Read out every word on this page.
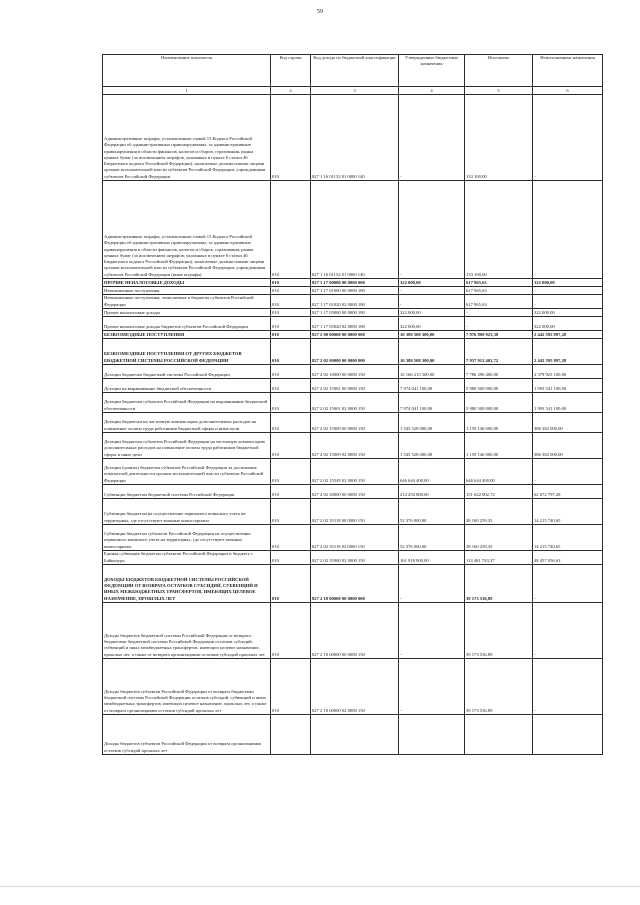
59
Наименование показателя	Код строки	Код дохода по бюджетной классификации	Утвержденные бюджетные назначения	Исполнено	Неисполненные назначения
1	2	3	4	5	6
Административные штрафы, установленные главой 15 Кодекса Российской Федерации об административных правонарушениях, за административные правонарушения в области финансов, налогов и сборов, страхования, рынка ценных бумаг (за исключением штрафов, указанных в пункте 6 статьи 46 Бюджетного кодекса Российской Федерации), налагаемые должностными лицами органов исполнительной власти субъектов Российской Федерации, учреждениями субъектов Российской Федерации	010	827 1 16 01152 01 0000 140	-	133 100,00	-
Административные штрафы, установленные главой 15 Кодекса Российской Федерации об административных правонарушениях, за административные правонарушения в области финансов, налогов и сборов, страхования, рынка ценных бумаг (за исключением штрафов, указанных в пункте 6 статьи 46 Бюджетного кодекса Российской Федерации), налагаемые должностными лицами органов исполнительной власти субъектов Российской Федерации, учреждениями субъектов Российской Федерации (иные штрафы)	010	827 1 16 01152 01 9000 140	-	133 100,00	-
ПРОЧИЕ НЕНАЛОГОВЫЕ ДОХОДЫ	010	827 1 17 00000 00 0000 000	322 000,00	617 965,63	322 000,00
Невыясненные поступления	010	827 1 17 01000 00 0000 180	-	617 965,63	-
Невыясненные поступления, зачисляемые в бюджеты субъектов Российской Федерации	010	827 1 17 01020 02 0000 180	-	617 965,63	-
Прочие неналоговые доходы	010	827 1 17 05000 00 0000 180	322 000,00	-	322 000,00
Прочие неналоговые доходы бюджетов субъектов Российской Федерации	010	827 1 17 05020 02 0000 180	322 000,00	-	322 000,00
БЕЗВОЗМЕЗДНЫЕ ПОСТУПЛЕНИЯ	010	827 2 00 00000 00 0000 000	10 380 508 300,00	7 976 809 923,38	2 442 595 897,28
БЕЗВОЗМЕЗДНЫЕ ПОСТУПЛЕНИЯ ОТ ДРУГИХ БЮДЖЕТОВ БЮДЖЕТНОЙ СИСТЕМЫ РОССИЙСКОЙ ФЕДЕРАЦИИ	010	827 2 02 00000 00 0000 000	10 380 508 300,00	7 937 912 402,72	2 442 595 897,28
Дотации бюджетам бюджетной системы Российской Федерации	010	827 2 02 10000 00 0000 150	10 166 213 500,00	7 786 290 400,00	2 379 923 100,00
Дотации на выравнивание бюджетной обеспеченности	010	827 2 02 15001 00 0000 150	7 974 041 100,00	5 980 500 000,00	1 993 541 100,00
Дотации бюджетам субъектов Российской Федерации на выравнивание бюджетной обеспеченности	010	827 2 02 15001 02 0000 150	7 974 041 100,00	5 980 500 000,00	1 993 541 100,00
Дотации бюджетам на частичную компенсацию дополнительных расходов на повышение оплаты труда работников бюджетной сферы и иные цели	010	827 2 02 15009 00 0000 150	1 545 528 000,00	1 159 146 000,00	386 382 000,00
Дотации бюджетам субъектов Российской Федерации на частичную компенсацию дополнительных расходов на повышение оплаты труда работников бюджетной сферы и иные цели	010	827 2 02 15009 02 0000 150	1 545 528 000,00	1 159 146 000,00	386 382 000,00
Дотации (гранты) бюджетам субъектов Российской Федерации за достижение показателей деятельности органов исполнительной власти субъектов Российской Федерации	010	827 2 02 15549 02 0000 150	646 644 400,00	646 644 400,00	-
Субвенции бюджетам бюджетной системы Российской Федерации	010	827 2 02 30000 00 0000 150	214 294 800,00	151 622 002,72	62 672 797,28
Субвенции бюджетам на осуществление первичного воинского учета на территориях, где отсутствуют военные комиссариаты	010	827 2 02 35118 00 0000 150	52 376 000,00	38 160 259,35	14 215 740,65
Субвенции бюджетам субъектов Российской Федерации на осуществление первичного воинского учета на территориях, где отсутствуют военные комиссариаты	010	827 2 02 35118 02 0000 150	52 376 000,00	38 160 259,35	14 215 740,65
Единая субвенция бюджетам субъектов Российской Федерации и бюджету г. Байконура	010	827 2 02 35900 02 0000 150	161 918 800,00	113 461 743,37	48 457 056,63
ДОХОДЫ БЮДЖЕТОВ БЮДЖЕТНОЙ СИСТЕМЫ РОССИЙСКОЙ ФЕДЕРАЦИИ ОТ ВОЗВРАТА ОСТАТКОВ СУБСИДИЙ, СУБВЕНЦИЙ И ИНЫХ МЕЖБЮДЖЕТНЫХ ТРАНСФЕРТОВ, ИМЕЮЩИХ ЦЕЛЕВОЕ НАЗНАЧЕНИЕ, ПРОШЛЫХ ЛЕТ	010	827 2 18 00000 00 0000 000	-	39 173 536,89	-
Доходы бюджетов бюджетной системы Российской Федерации от возврата бюджетами бюджетной системы Российской Федерации остатков субсидий, субвенций и иных межбюджетных трансфертов, имеющих целевое назначение, прошлых лет, а также от возврата организациями остатков субсидий прошлых лет	010	827 2 18 00000 00 0000 150	-	39 173 536,89	-
Доходы бюджетов субъектов Российской Федерации от возврата бюджетами бюджетной системы Российской Федерации остатков субсидий, субвенций и иных межбюджетных трансфертов, имеющих целевое назначение, прошлых лет, а также от возврата организациями остатков субсидий прошлых лет	010	827 2 18 00000 02 0000 150	-	39 173 536,89	-
Доходы бюджетов субъектов Российской Федерации от возврата организациями остатков субсидий прошлых лет					
